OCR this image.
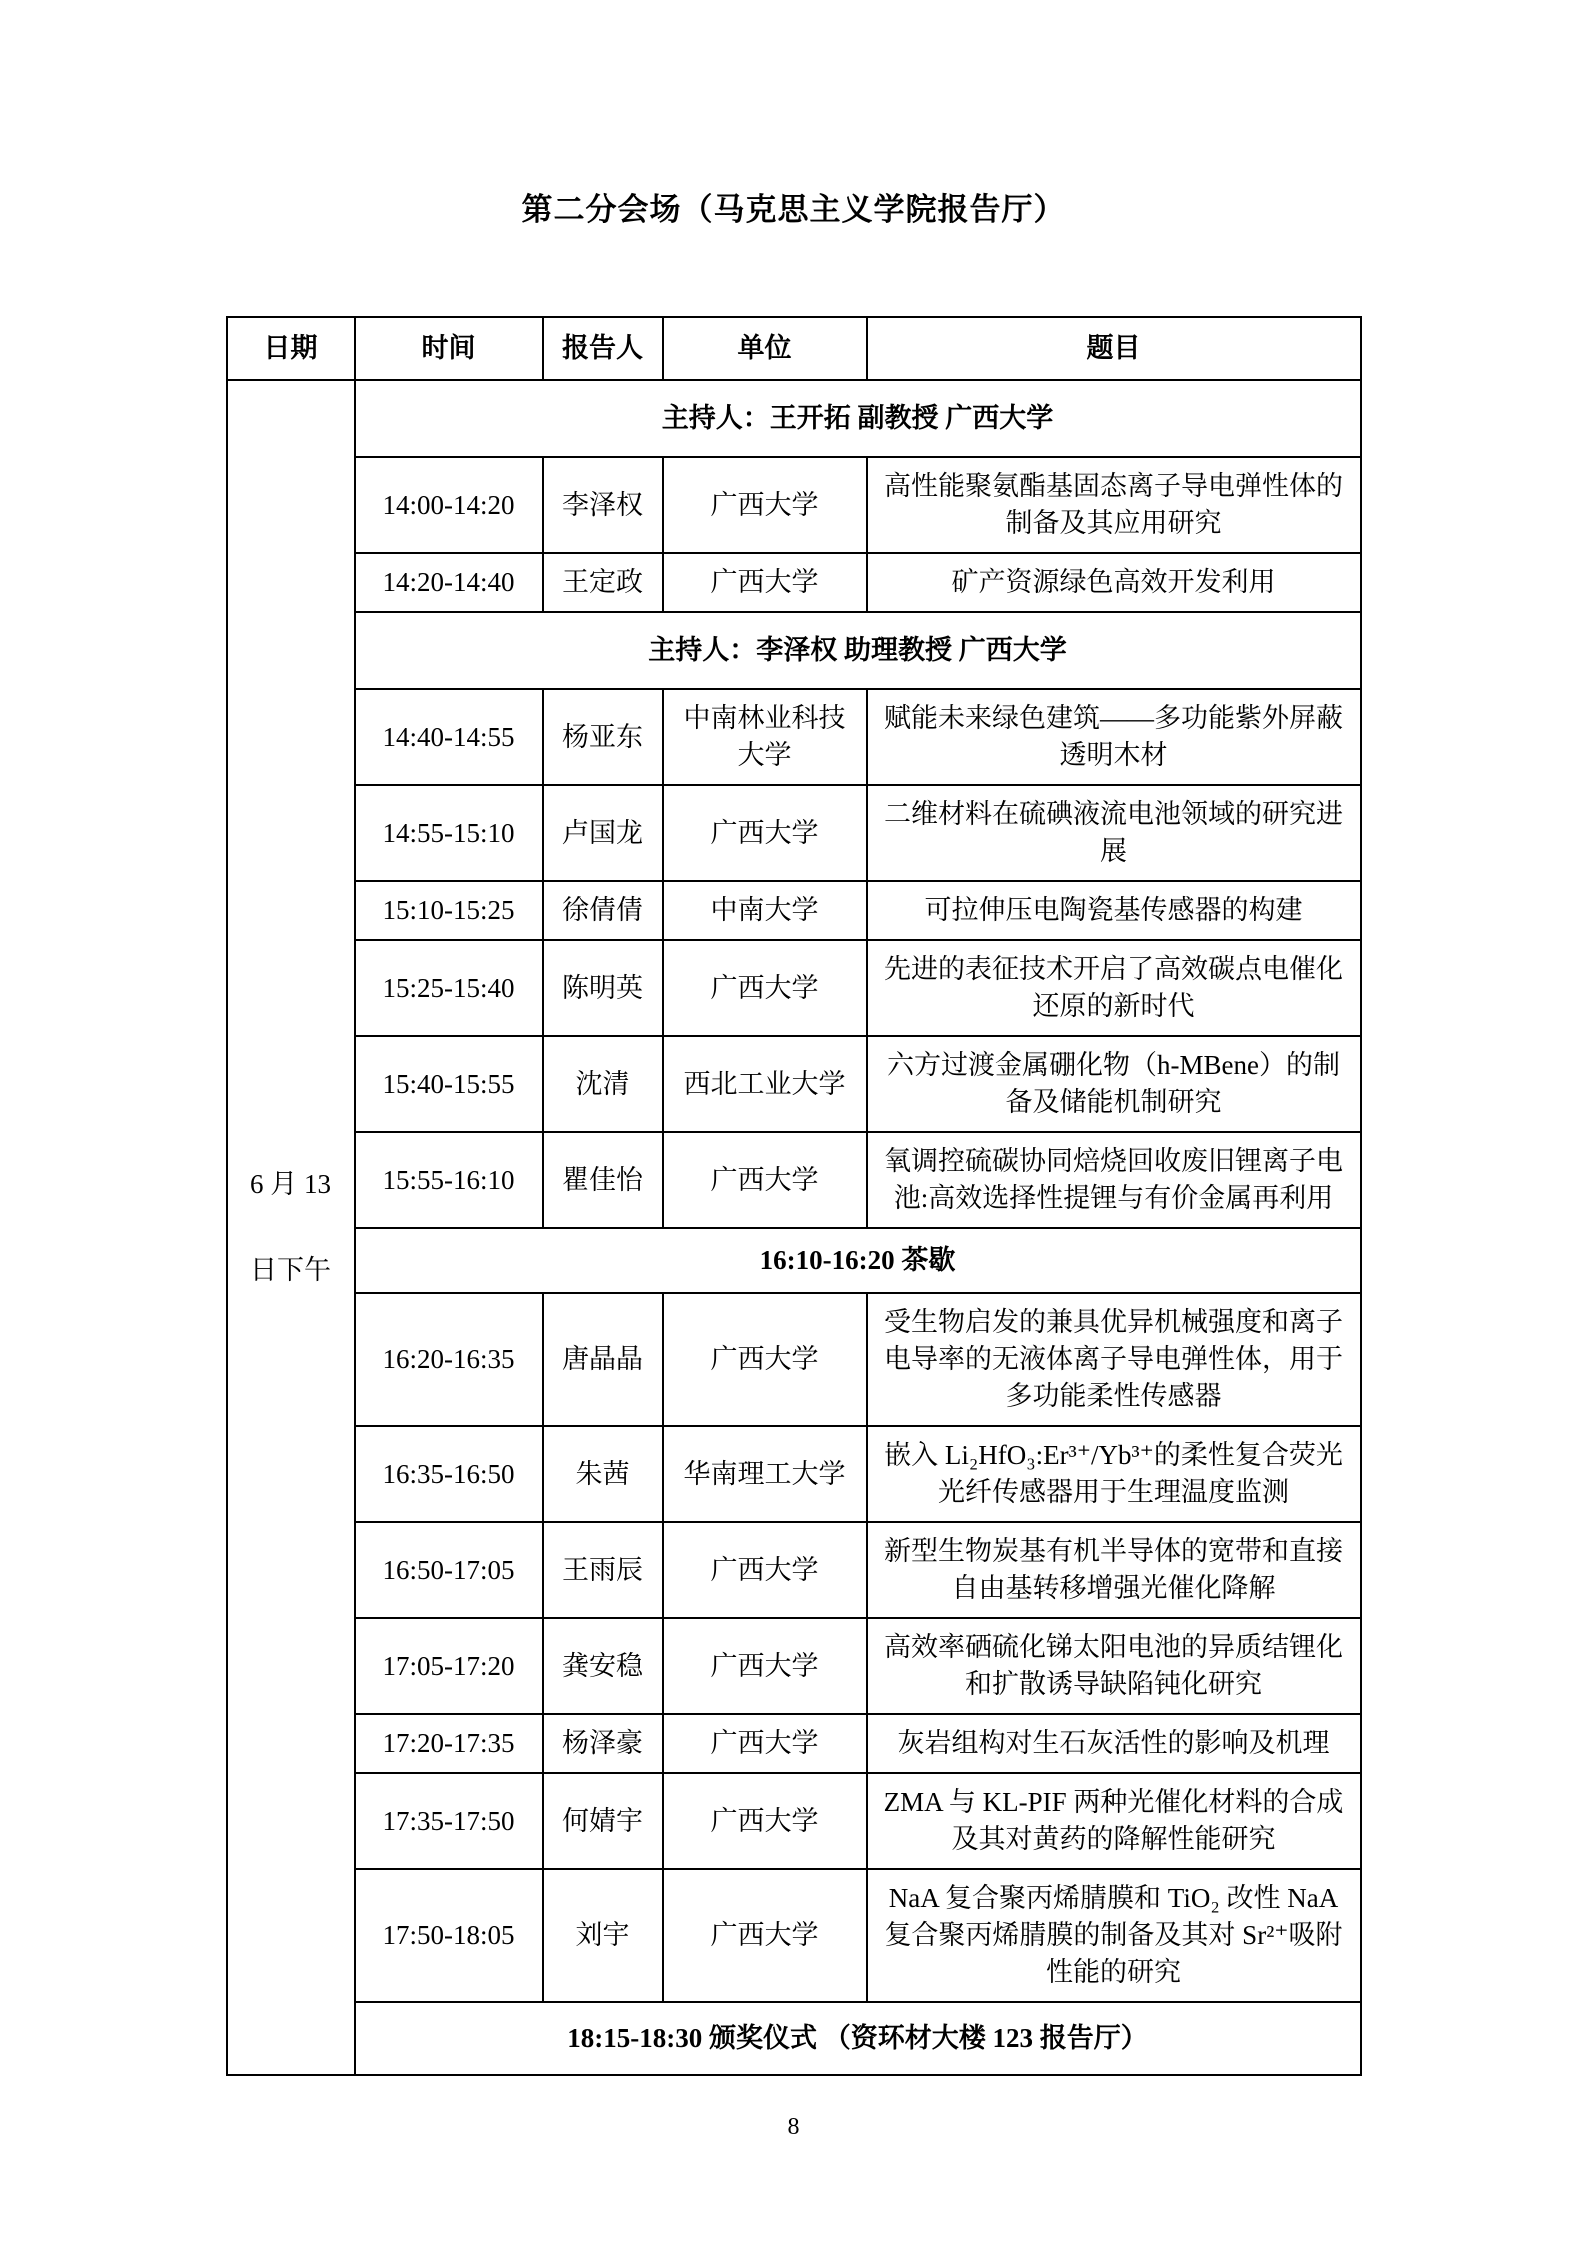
第二分会场（马克思主义学院报告厅）
日期	时间	报告人	单位	题目

6 月 13
日下午	主持人：王开拓 副教授 广西大学			
	14:00-14:20	李泽权	广西大学	高性能聚氨酯基固态离子导电弹性体的制备及其应用研究
	14:20-14:40	王定政	广西大学	矿产资源绿色高效开发利用
	主持人：李泽权 助理教授 广西大学			
	14:40-14:55	杨亚东	中南林业科技大学	赋能未来绿色建筑——多功能紫外屏蔽透明木材
	14:55-15:10	卢国龙	广西大学	二维材料在硫碘液流电池领域的研究进展
	15:10-15:25	徐倩倩	中南大学	可拉伸压电陶瓷基传感器的构建
	15:25-15:40	陈明英	广西大学	先进的表征技术开启了高效碳点电催化还原的新时代
	15:40-15:55	沈清	西北工业大学	六方过渡金属硼化物（h-MBene）的制备及储能机制研究
	15:55-16:10	瞿佳怡	广西大学	氧调控硫碳协同焙烧回收废旧锂离子电池:高效选择性提锂与有价金属再利用
	16:10-16:20 茶歇			
	16:20-16:35	唐晶晶	广西大学	受生物启发的兼具优异机械强度和离子电导率的无液体离子导电弹性体，用于多功能柔性传感器
	16:35-16:50	朱茜	华南理工大学	嵌入 Li₂HfO₃:Er³⁺/Yb³⁺的柔性复合荧光光纤传感器用于生理温度监测
	16:50-17:05	王雨辰	广西大学	新型生物炭基有机半导体的宽带和直接自由基转移增强光催化降解
	17:05-17:20	龚安稳	广西大学	高效率硒硫化锑太阳电池的异质结锂化和扩散诱导缺陷钝化研究
	17:20-17:35	杨泽豪	广西大学	灰岩组构对生石灰活性的影响及机理
	17:35-17:50	何婧宇	广西大学	ZMA 与 KL-PIF 两种光催化材料的合成及其对黄药的降解性能研究
	17:50-18:05	刘宇	广西大学	NaA 复合聚丙烯腈膜和 TiO₂ 改性 NaA 复合聚丙烯腈膜的制备及其对 Sr²⁺吸附性能的研究
	18:15-18:30 颁奖仪式 （资环材大楼 123 报告厅）			
8
